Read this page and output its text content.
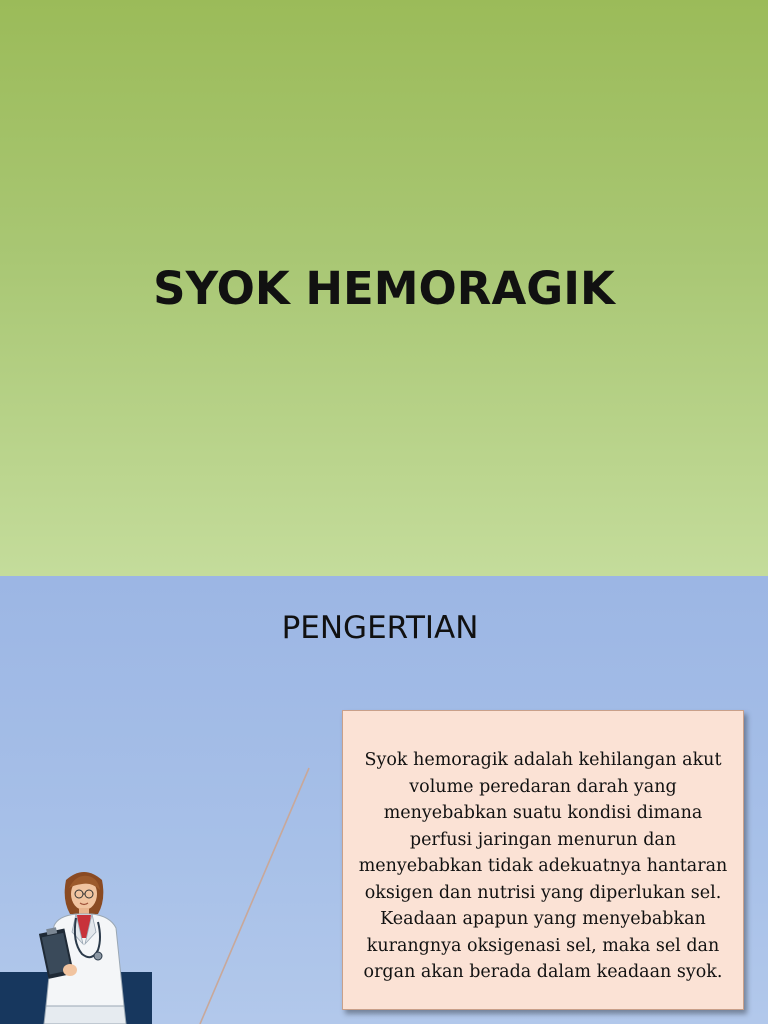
SYOK HEMORAGIK
PENGERTIAN
Syok hemoragik adalah kehilangan akut volume peredaran darah yang menyebabkan suatu kondisi dimana perfusi jaringan menurun dan menyebabkan tidak adekuatnya hantaran oksigen dan nutrisi yang diperlukan sel. Keadaan apapun yang menyebabkan kurangnya oksigenasi sel, maka sel dan organ akan berada dalam keadaan syok.
